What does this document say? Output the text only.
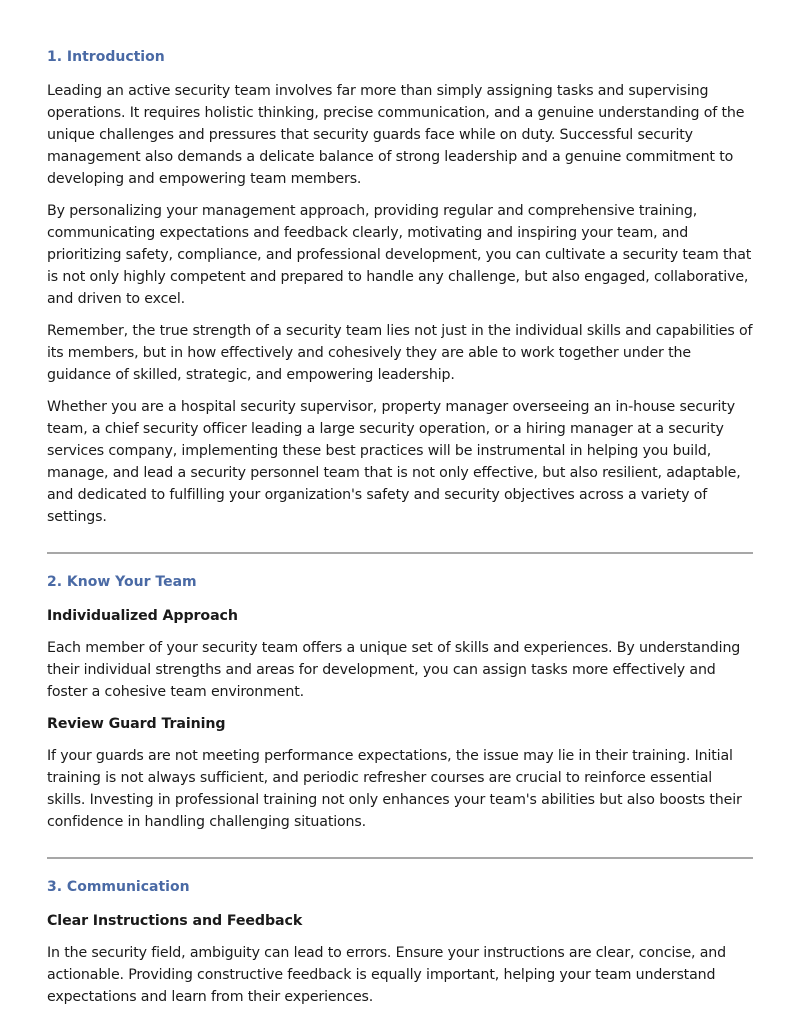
1. Introduction

Leading an active security team involves far more than simply assigning tasks and supervising operations. It requires holistic thinking, precise communication, and a genuine understanding of the unique challenges and pressures that security guards face while on duty. Successful security management also demands a delicate balance of strong leadership and a genuine commitment to developing and empowering team members.

By personalizing your management approach, providing regular and comprehensive training, communicating expectations and feedback clearly, motivating and inspiring your team, and prioritizing safety, compliance, and professional development, you can cultivate a security team that is not only highly competent and prepared to handle any challenge, but also engaged, collaborative, and driven to excel.

Remember, the true strength of a security team lies not just in the individual skills and capabilities of its members, but in how effectively and cohesively they are able to work together under the guidance of skilled, strategic, and empowering leadership.

Whether you are a hospital security supervisor, property manager overseeing an in-house security team, a chief security officer leading a large security operation, or a hiring manager at a security services company, implementing these best practices will be instrumental in helping you build, manage, and lead a security personnel team that is not only effective, but also resilient, adaptable, and dedicated to fulfilling your organization's safety and security objectives across a variety of settings.

2. Know Your Team
Individualized Approach

Each member of your security team offers a unique set of skills and experiences. By understanding their individual strengths and areas for development, you can assign tasks more effectively and foster a cohesive team environment.

Review Guard Training

If your guards are not meeting performance expectations, the issue may lie in their training. Initial training is not always sufficient, and periodic refresher courses are crucial to reinforce essential skills. Investing in professional training not only enhances your team's abilities but also boosts their confidence in handling challenging situations.

3. Communication
Clear Instructions and Feedback

In the security field, ambiguity can lead to errors. Ensure your instructions are clear, concise, and actionable. Providing constructive feedback is equally important, helping your team understand expectations and learn from their experiences.
